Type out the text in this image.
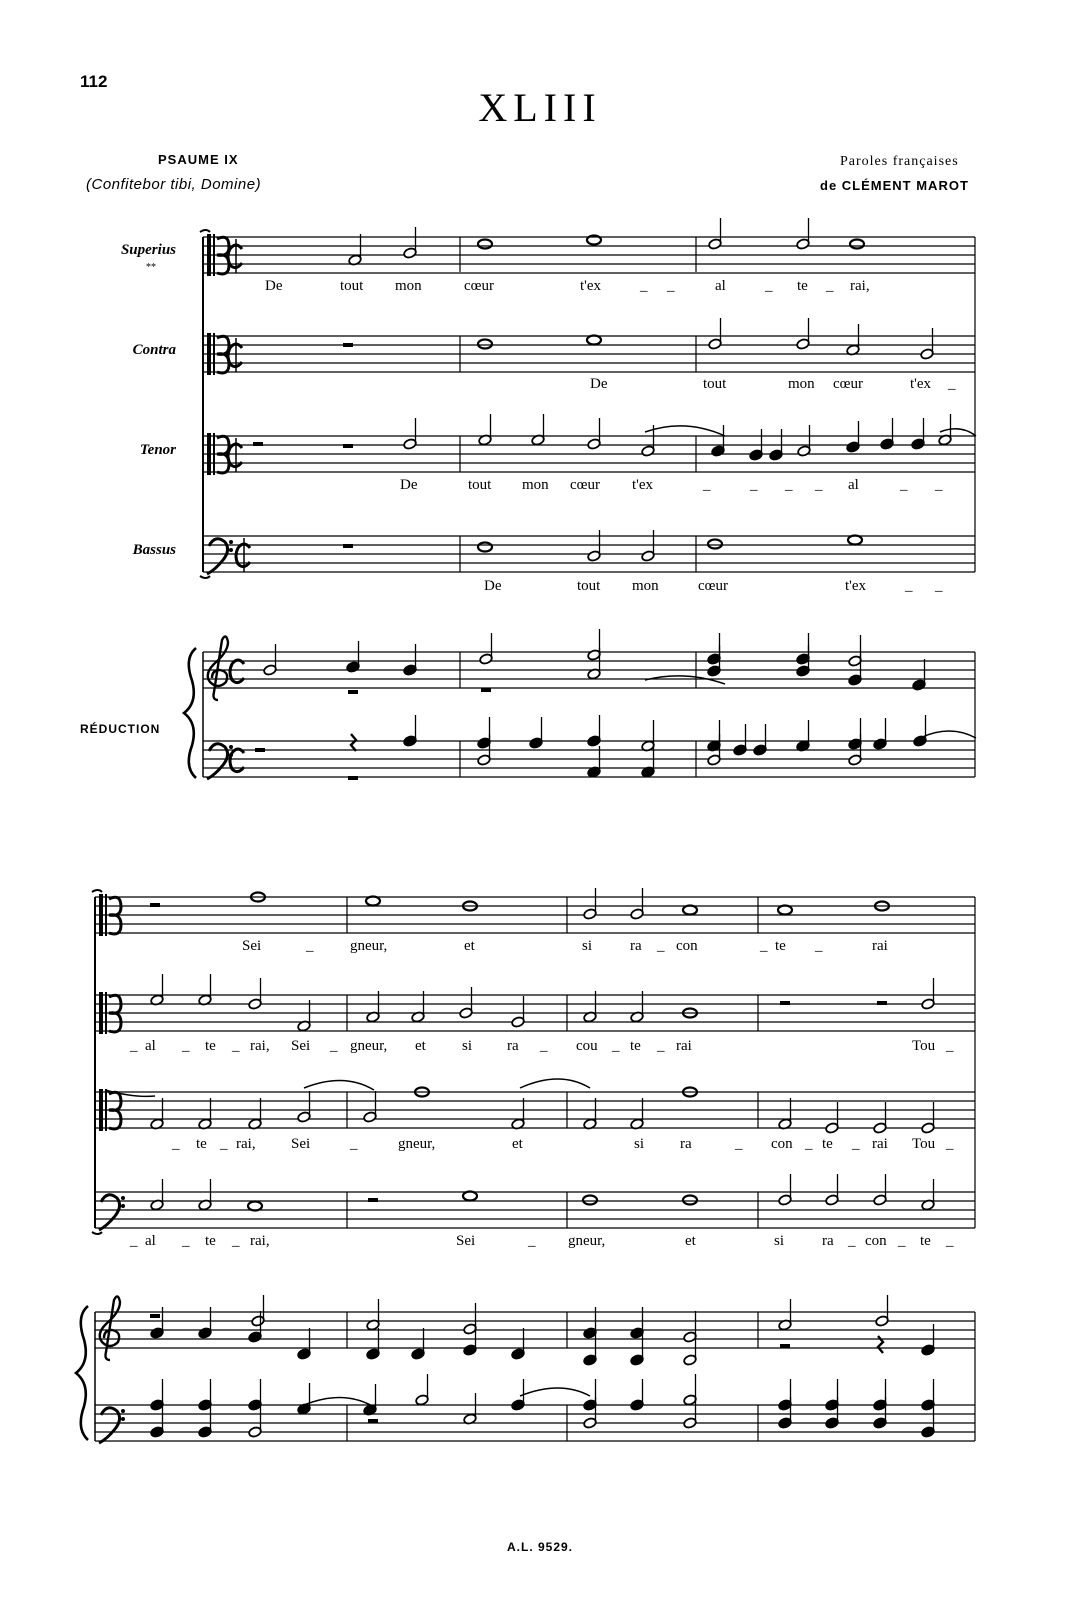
112
XLIII
PSAUME IX
(Confitebor tibi, Domine)
Paroles françaises
de CLÉMENT MAROT
Superius
**
Contra
Tenor
Bassus
RÉDUCTION
De	tout mon	cœur	t'ex	_ _	al	_ te _ rai,
De	tout	mon cœur	t'ex _
De	tout mon cœur t'ex	_	_ _ _ al	_ _
De	tout mon	cœur	t'ex	_ _
Sei	_ gneur,	et	si	ra _ con	_ te _	rai
_ al _ te _ rai, Sei _ gneur, et si ra _ cou _ te _ rai	Tou _
_ te _ rai, Sei	_	gneur,	et	si ra	_ con _ te _ rai Tou _
_ al _ te _ rai,	Sei	_ gneur,	et	si	ra _ con _ te _
A.L. 9529.
